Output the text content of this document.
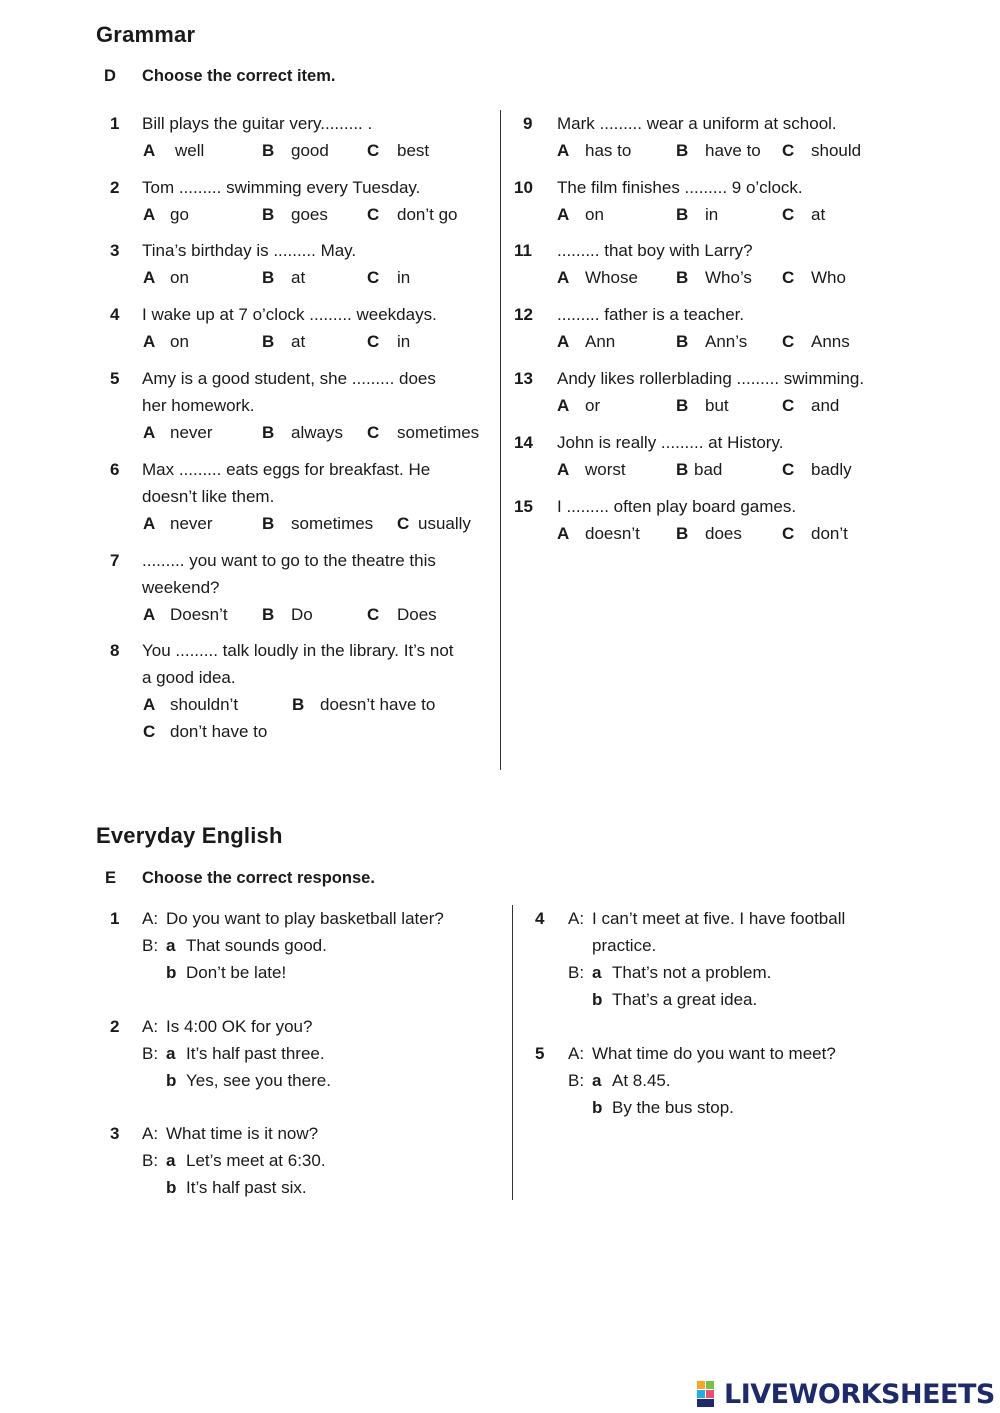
Grammar
D Choose the correct item.
1 Bill plays the guitar very......... .
A well	B good C best
2 Tom ......... swimming every Tuesday.
A go	B goes C don’t go
3 Tina’s birthday is ......... May.
A on	B at	C in
4 I wake up at 7 o’clock ......... weekdays.
A on	B at	C in
5 Amy is a good student, she ......... does
her homework.
A never	B always C sometimes
6 Max ......... eats eggs for breakfast. He
doesn’t like them.
A never	B sometimes C usually
7 ......... you want to go to the theatre this
weekend?
A Doesn’t B Do	C Does
8 You ......... talk loudly in the library. It’s not
a good idea.
A shouldn’t	B doesn’t have to
C don’t have to
9 Mark ......... wear a uniform at school.
A has to	B have to C should
10 The film finishes ......... 9 o’clock.
A on	B in	C at
11 ......... that boy with Larry?
A Whose B Who’s C Who
12 ......... father is a teacher.
A Ann	B Ann’s C Anns
13 Andy likes rollerblading ......... swimming.
A or	B but	C and
14 John is really ......... at History.
A worst	B bad	C badly
15 I ......... often play board games.
A doesn’t B does C don’t
Everyday English
E Choose the correct response.
1 A: Do you want to play basketball later?
B: a That sounds good.
b Don’t be late!
2 A: Is 4:00 OK for you?
B: a It’s half past three.
b Yes, see you there.
3 A: What time is it now?
B: a Let’s meet at 6:30.
b It’s half past six.
4 A: I can’t meet at five. I have football
practice.
B: a That’s not a problem.
b That’s a great idea.
5 A: What time do you want to meet?
B: a At 8.45.
b By the bus stop.
LIVEWORKSHEETS
